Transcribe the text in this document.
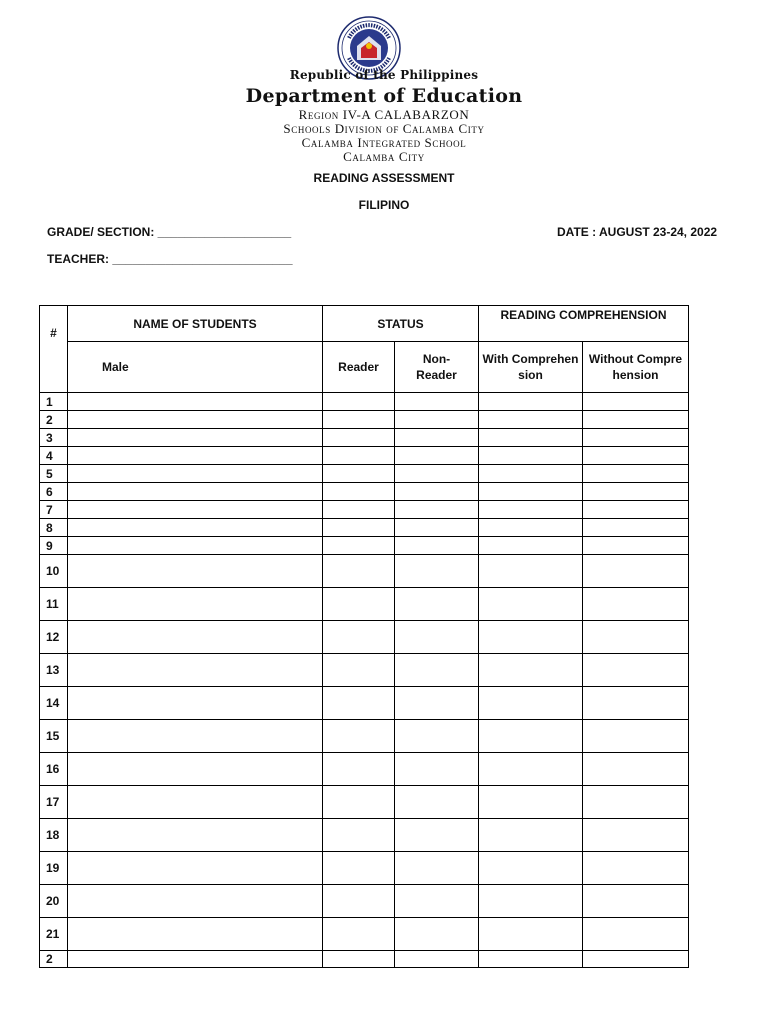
Republic of the Philippines
Department of Education
Region IV-A CALABARZON
Schools Division of Calamba City
Calamba Integrated School
Calamba City
READING ASSESSMENT
FILIPINO
GRADE/ SECTION: ____________________	DATE : AUGUST 23-24, 2022
TEACHER: ___________________________
#	NAME OF STUDENTS	STATUS		READING COMPREHENSION	
	Male	Reader	Non-Reader	With Comprehension	Without Comprehension
1					
2					
3					
4					
5					
6					
7					
8					
9					
10					
11					
12					
13					
14					
15					
16					
17					
18					
19					
20					
21					
2					
